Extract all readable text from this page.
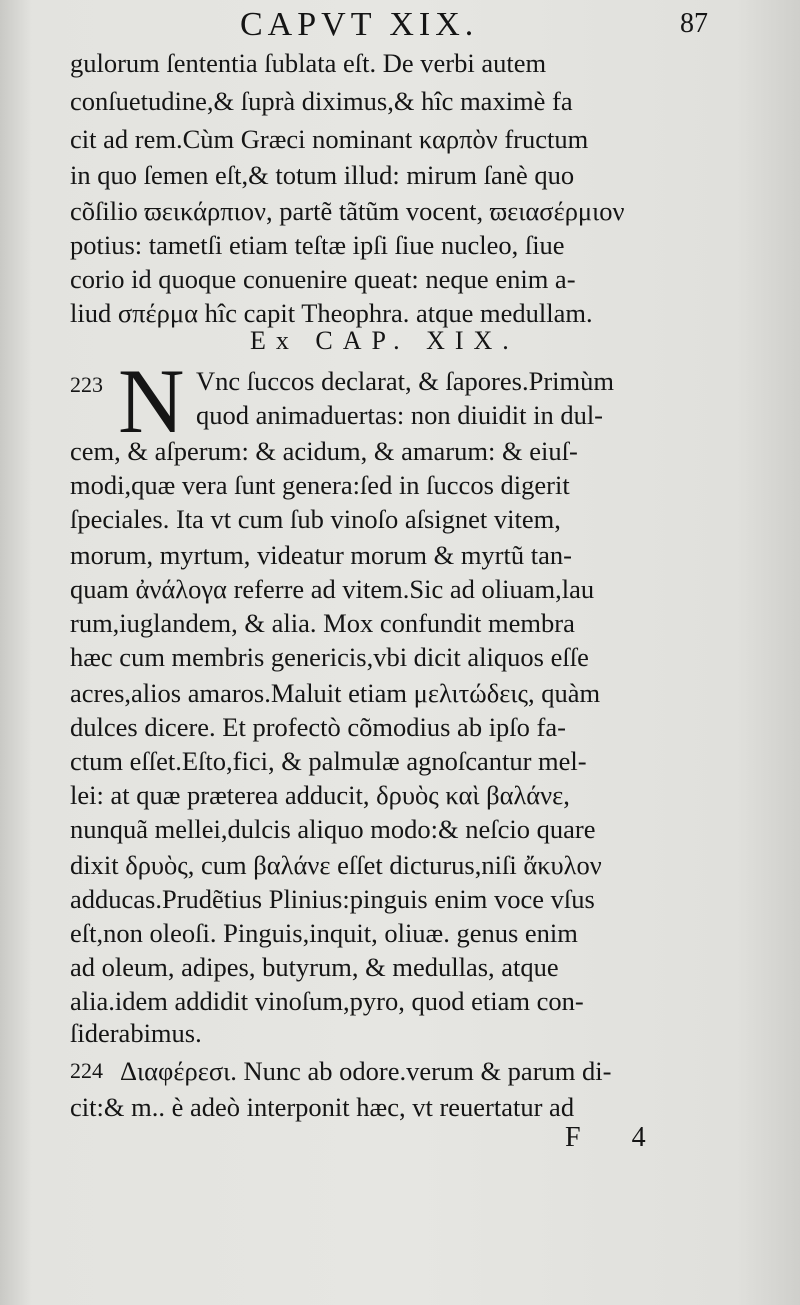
CAPVT XIX.	87

gulorum ſententia ſublata eſt. De verbi autem

conſuetudine,& ſuprà diximus,& hîc maximè fa

cit ad rem.Cùm Græci nominant καρπὸν fructum

in quo ſemen eſt,& totum illud: mirum ſanè quo

cõſilio ϖεικάρπιον, partẽ tãtũm vocent, ϖειασέρμιον

potius: tametſi etiam teſtæ ipſi ſiue nucleo, ſiue

corio id quoque conuenire queat: neque enim a-

liud σπέρμα hîc capit Theophra. atque medullam.

Ex CAP. XIX.
223 N Vnc ſuccos declarat, & ſapores.Primùm

quod animaduertas: non diuidit in dul-

cem, & aſperum: & acidum, & amarum: & eiuſ-

modi,quæ vera ſunt genera:ſed in ſuccos digerit

ſpeciales. Ita vt cum ſub vinoſo aſsignet vitem,

morum, myrtum, videatur morum & myrtũ tan-

quam ἀνάλογα referre ad vitem.Sic ad oliuam,lau

rum,iuglandem, & alia. Mox confundit membra

hæc cum membris genericis,vbi dicit aliquos eſſe

acres,alios amaros.Maluit etiam μελιτώδεις, quàm

dulces dicere. Et profectò cõmodius ab ipſo fa-

ctum eſſet.Eſto,fici, & palmulæ agnoſcantur mel-

lei: at quæ præterea adducit, δρυὸς καὶ βαλάνε,

nunquã mellei,dulcis aliquo modo:& neſcio quare

dixit δρυὸς, cum βαλάνε eſſet dicturus,niſi ἄκυλον

adducas.Prudẽtius Plinius:pinguis enim voce vſus

eſt,non oleoſi. Pinguis,inquit, oliuæ. genus enim

ad oleum, adipes, butyrum, & medullas, atque

alia.idem addidit vinoſum,pyro, quod etiam con-

ſiderabimus.

224 Διαφέρεσι. Nunc ab odore.verum & parum di-

cit:& m.. è adeò interponit hæc, vt reuertatur ad

F 4
